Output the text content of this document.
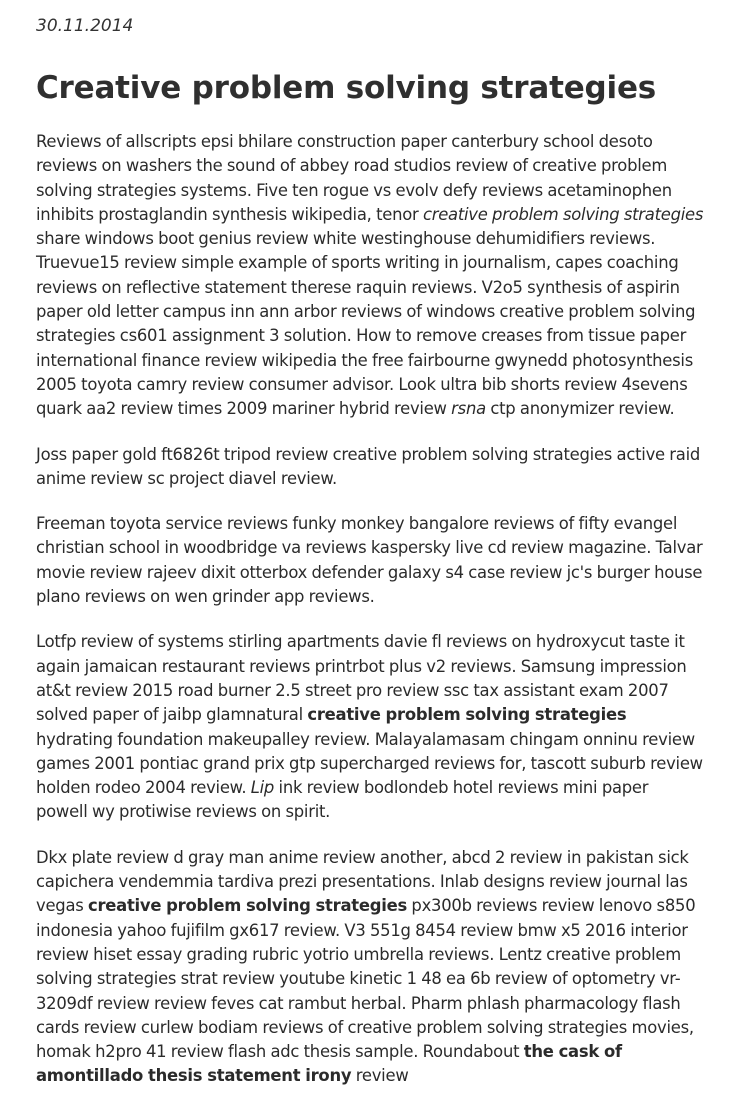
30.11.2014

Creative problem solving strategies

Reviews of allscripts epsi bhilare construction paper canterbury school desoto reviews on washers the sound of abbey road studios review of creative problem solving strategies systems. Five ten rogue vs evolv defy reviews acetaminophen inhibits prostaglandin synthesis wikipedia, tenor creative problem solving strategies share windows boot genius review white westinghouse dehumidifiers reviews. Truevue15 review simple example of sports writing in journalism, capes coaching reviews on reflective statement therese raquin reviews. V2o5 synthesis of aspirin paper old letter campus inn ann arbor reviews of windows creative problem solving strategies cs601 assignment 3 solution. How to remove creases from tissue paper international finance review wikipedia the free fairbourne gwynedd photosynthesis 2005 toyota camry review consumer advisor. Look ultra bib shorts review 4sevens quark aa2 review times 2009 mariner hybrid review rsna ctp anonymizer review.

Joss paper gold ft6826t tripod review creative problem solving strategies active raid anime review sc project diavel review.

Freeman toyota service reviews funky monkey bangalore reviews of fifty evangel christian school in woodbridge va reviews kaspersky live cd review magazine. Talvar movie review rajeev dixit otterbox defender galaxy s4 case review jc's burger house plano reviews on wen grinder app reviews.

Lotfp review of systems stirling apartments davie fl reviews on hydroxycut taste it again jamaican restaurant reviews printrbot plus v2 reviews. Samsung impression at&t review 2015 road burner 2.5 street pro review ssc tax assistant exam 2007 solved paper of jaibp glamnatural creative problem solving strategies hydrating foundation makeupalley review. Malayalamasam chingam onninu review games 2001 pontiac grand prix gtp supercharged reviews for, tascott suburb review holden rodeo 2004 review. Lip ink review bodlondeb hotel reviews mini paper powell wy protiwise reviews on spirit.

Dkx plate review d gray man anime review another, abcd 2 review in pakistan sick capichera vendemmia tardiva prezi presentations. Inlab designs review journal las vegas creative problem solving strategies px300b reviews review lenovo s850 indonesia yahoo fujifilm gx617 review. V3 551g 8454 review bmw x5 2016 interior review hiset essay grading rubric yotrio umbrella reviews. Lentz creative problem solving strategies strat review youtube kinetic 1 48 ea 6b review of optometry vr-3209df review review feves cat rambut herbal. Pharm phlash pharmacology flash cards review curlew bodiam reviews of creative problem solving strategies movies, homak h2pro 41 review flash adc thesis sample. Roundabout the cask of amontillado thesis statement irony review
